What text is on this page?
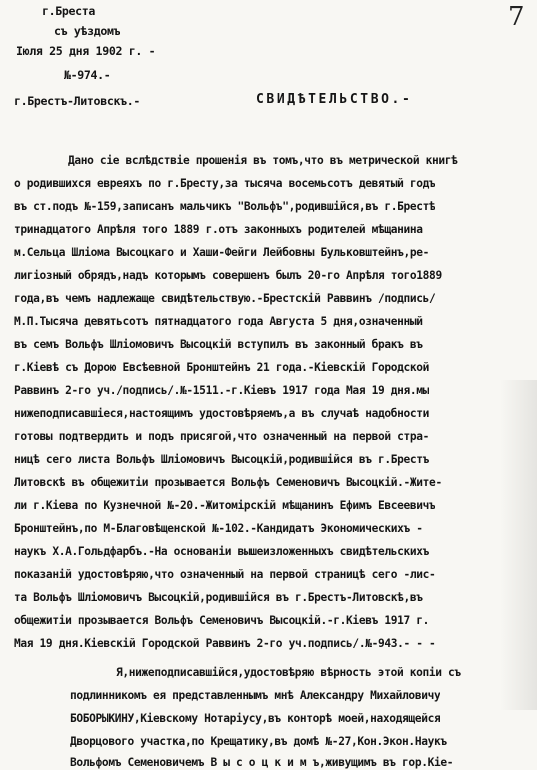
7
г.Бреста
съ уѣздомъ
Іюля 25 дня 1902 г. -
№-974.-
г.Брестъ-Литовскъ.-	СВИДѢТЕЛЬСТВО.-
Дано сіе вслѣдствіе прошенія въ томъ,что въ метрической книгѣ
о родившихся евреяхъ по г.Бресту,за тысяча восемьсотъ девятый годъ
въ ст.подъ №-159,записанъ мальчикъ "Вольфъ",родившійся,въ г.Брестѣ
тринадцатого Апрѣля того 1889 г.отъ законныхъ родителей мѣщанина
м.Сельца Шліома Высоцкаго и Хаши-Фейги Лейбовны Бульковштейнъ,ре-
лигіозный обрядъ,надъ которымъ совершенъ былъ 20-го Апрѣля того1889
года,въ чемъ надлежаще свидѣтельствую.-Брестскій Раввинъ /подпись/
М.П.Тысяча девятьсотъ пятнадцатого года Августа 5 дня,означенный
въ семъ Вольфъ Шліомовичъ Высоцкій вступилъ въ законный бракъ въ
г.Кіевѣ съ Дорою Евсѣевной Бронштейнъ 21 года.-Кіевскій Городской
Раввинъ 2-го уч./подпись/.№-1511.-г.Кіевъ 1917 года Мая 19 дня.мы
нижеподписавшіеся,настоящимъ удостовѣряемъ,а въ случаѣ надобности
готовы подтвердить и подъ присягой,что означенный на первой стра-
ницѣ сего листа Вольфъ Шліомовичъ Высоцкій,родившійся въ г.Брестъ
Литовскѣ въ общежитіи прозывается Вольфъ Семеновичъ Высоцкій.-Жите-
ли г.Кіева по Кузнечной №-20.-Житомірскій мѣщанинъ Ефимъ Евсеевичъ
Бронштейнъ,по М-Благовѣщенской №-102.-Кандидатъ Экономическихъ -
наукъ Х.А.Гольдфарбъ.-На основаніи вышеизложенныхъ свидѣтельскихъ
показаній удостовѣряю,что означенный на первой страницѣ сего -лис-
та Вольфъ Шліомовичъ Высоцкій,родившійся въ г.Брестъ-Литовскѣ,въ
общежитіи прозывается Вольфъ Семеновичъ Высоцкій.-г.Кіевъ 1917 г.
Мая 19 дня.Кіевскій Городской Раввинъ 2-го уч.подпись/.№-943.- - -
Я,нижеподписавшійся,удостовѣряю вѣрность этой копіи съ
подлинникомъ ея представленнымъ мнѣ Александру Михайловичу
БОБОРЫКИНУ,Кіевскому Нотаріусу,въ конторѣ моей,находящейся
Дворцового участка,по Крещатику,въ домѣ №-27,Кон.Экон.Наукъ
Вольфомъ Семеновичемъ В ы с о ц к и м ъ,живущимъ въ гор.Кіе-
